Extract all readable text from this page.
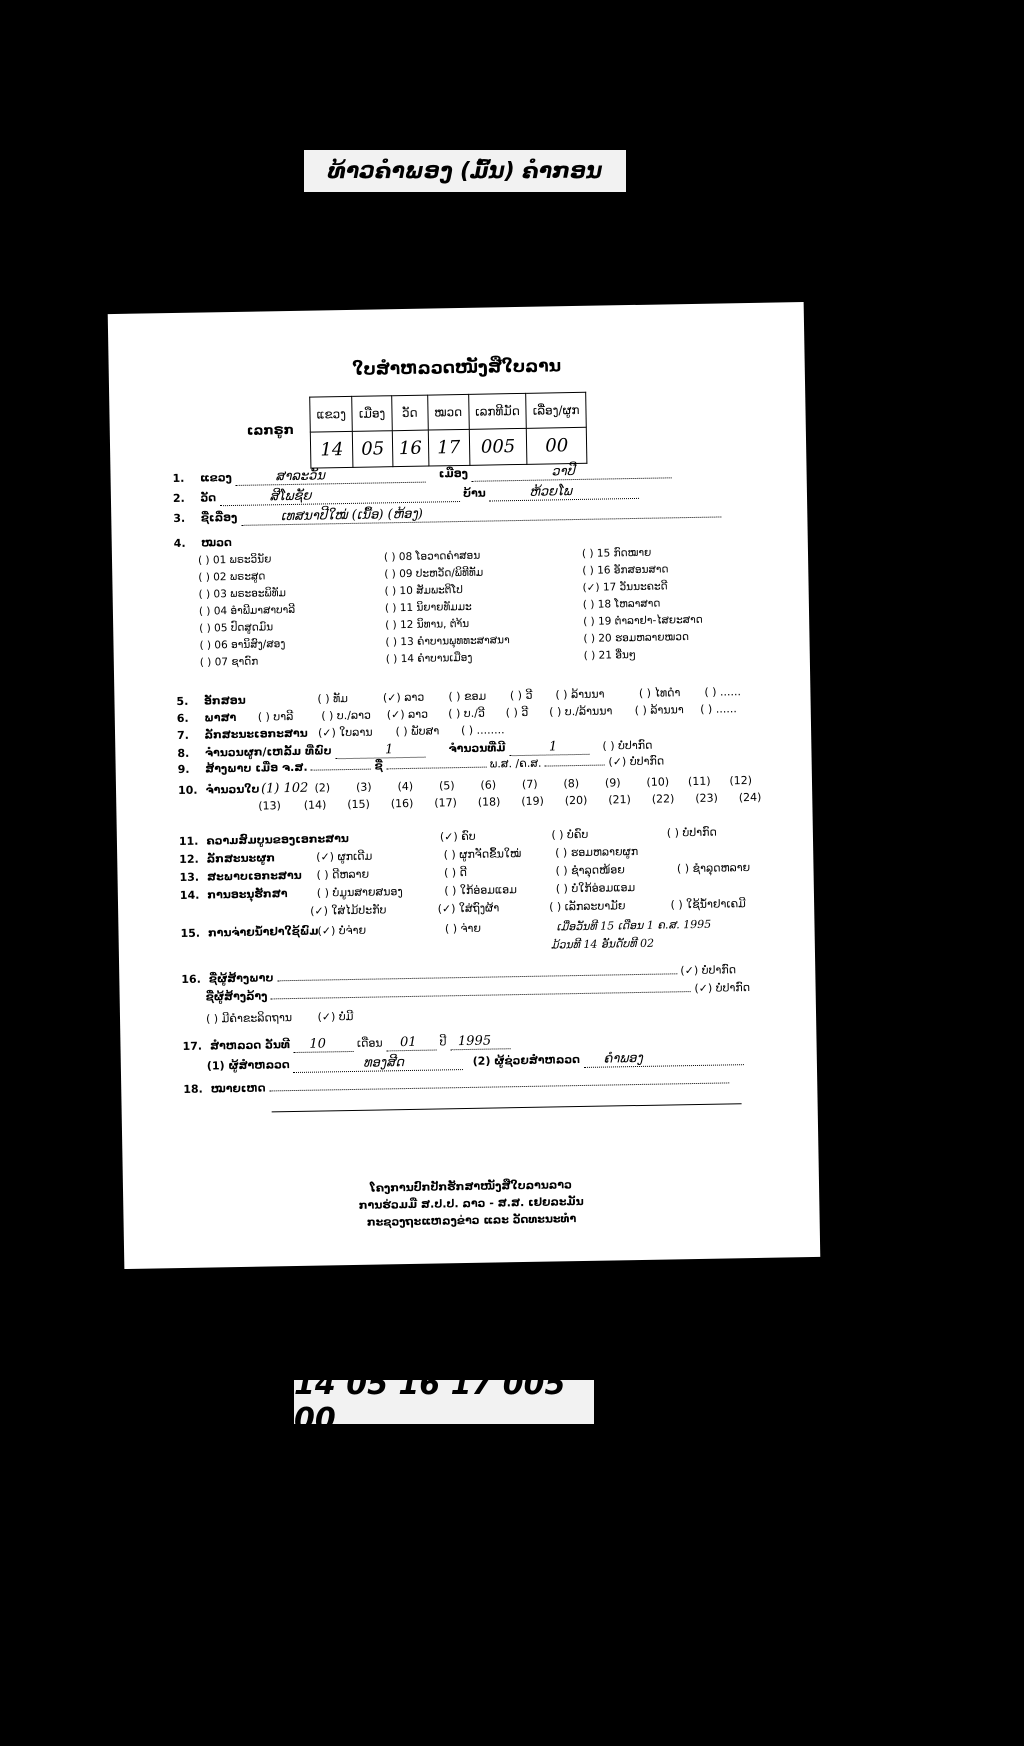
ທ້າວຄຳພອງ (ມົ້ນ) ຄຳກອນ
ໃບສຳຫລວດໜັງສືໃບລານ
ເລກຣູກ
ແຂວງ	ເມືອງ	ວັດ	ໝວດ	ເລກທີມັດ	ເລື່ອງ/ຜູກ
14	05	16	17	005	00
1. ແຂວງ	ສາລະວັນ	ເມືອງ	ວາປີ
2. ວັດ	ສີໂພຊັຍ	ບ້ານ	ຫ້ວຍໂພ
3. ຊື່ເລື່ອງ	ເທສນາປີໃໝ່ (ເນື້ອ) (ຫ້ອງ)
4. ໝວດ
( ) 01 ພຣະວິນັຍ
( ) 02 ພຣະສູດ
( ) 03 ພຣະອະພິທັມ
( ) 04 ອໍາພີມາສາບາລີ
( ) 05 ປົດສູດມົນ
( ) 06 ອານິສົງ/ສອງ
( ) 07 ຊາດົກ
( ) 08 ໂອວາດຄຳສອນ
( ) 09 ປະຫວັດ/ພິທີທັມ
( ) 10 ສັມພະຕິໂປ
( ) 11 ນິຍາຍທັມມະ
( ) 12 ນິທານ, ຕຳ້ນ
( ) 13 ຄຳບານພຸທທະສາສນາ
( ) 14 ຄຳບານເມືອງ
( ) 15 ກົດໝາຍ
( ) 16 ອັກສອນສາດ
(✓) 17 ວັນນະຄະດີ
( ) 18 ໂຫລາສາດ
( ) 19 ຕຳລາຢາ-ໄສຍະສາດ
( ) 20 ຮອມຫລາຍໝວດ
( ) 21 ອື່ນໆ
5. ອັກສອນ	( ) ທັມ	(✓) ລາວ ( ) ຂອມ ( ) ວີ ( ) ລ້ານນາ	( ) ໄທດຳ ( ) ......
6. ພາສາ ( ) ບາລີ	( ) ບ./ລາວ (✓) ລາວ ( ) ບ./ວີ ( ) ວີ ( ) ບ./ລ້ານນາ ( ) ລ້ານນາ ( ) ......
7. ລັກສະນະເອກະສານ (✓) ໃບລານ ( ) ພັບສາ ( ) ........
8. ຈຳນວນຜູກ/ເຫລັ້ມ ທີ່ພົບ	1	ຈຳນວນທີ່ມີ	1	( ) ບໍ່ປາກົດ
9. ສ້າງພາບ ເມື່ອ ຈ.ສ.	ຊື່	ພ.ສ. /ຄ.ສ.	(✓) ບໍ່ປາກົດ
10. ຈຳນວນໃບ (1) 102 (2) (3) (4) (5) (6) (7) (8) (9) (10) (11) (12)
(13) (14) (15) (16) (17) (18) (19) (20) (21) (22) (23) (24)
11. ຄວາມສົມບູນຂອງເອກະສານ	(✓) ຄົບ	( ) ບໍ່ຄົບ	( ) ບໍ່ປາກົດ
12. ລັກສະນະຜູກ	(✓) ຜູກເດີມ	( ) ຜູກຈັດຂຶ້ນໃໝ່	( ) ຮອມຫລາຍຜູກ
13. ສະພາບເອກະສານ ( ) ດີຫລາຍ	( ) ດີ	( ) ຊຳລຸດໜ້ອຍ	( ) ຊຳລຸດຫລາຍ
14. ການອະນຸຮັກສາ	( ) ບໍ່ມູນສາຍສນອງ	( ) ໃກ້ອ່ອມແອມ	( ) ບໍ່ໃກ້ອ່ອມແອມ
(✓) ໃສ່ໄມ້ປະກັບ	(✓) ໃສ່ຖົງຜ້າ	( ) ເລັກລະບາມັຍ	( ) ໃຊ້ນໍ້າຢາເຄມີ
15. ການຈ່າຍນໍ້າຢາໃຊ້ພົມ (✓) ບໍ່ຈ່າຍ	( ) ຈ່າຍ	ເມື່ອວັນທີ 15 ເດືອນ 1 ຄ.ສ. 1995
ມ້ວນທີ 14 ອັນດັບທີ 02
16. ຊື່ຜູ້ສ້າງພາບ  (✓) ບໍ່ປາກົດ
ຊື່ຜູ້ສ້າງລ້າງ  (✓) ບໍ່ປາກົດ
( ) ມີຄຳຂະລິດຖານ (✓) ບໍ່ມີ
17. ສຳຫລວດ ວັນທີ 10	ເດືອນ 01 ປີ 1995
(1) ຜູ້ສຳຫລວດ	ທອງສີດ	(2) ຜູ້ຊ່ວຍສຳຫລວດ ຄຳພອງ
18. ໝາຍເຫດ
ໂຄງການປົກປັກຮັກສາໜັງສືໃບລານລາວ
ການຮ່ວມມື ສ.ປ.ປ. ລາວ - ສ.ສ. ເຢຍລະມັນ
ກະຊວງຖະແຫລງຂ່າວ ແລະ ວັດທະນະທຳ
14 05 16 17 005 00
